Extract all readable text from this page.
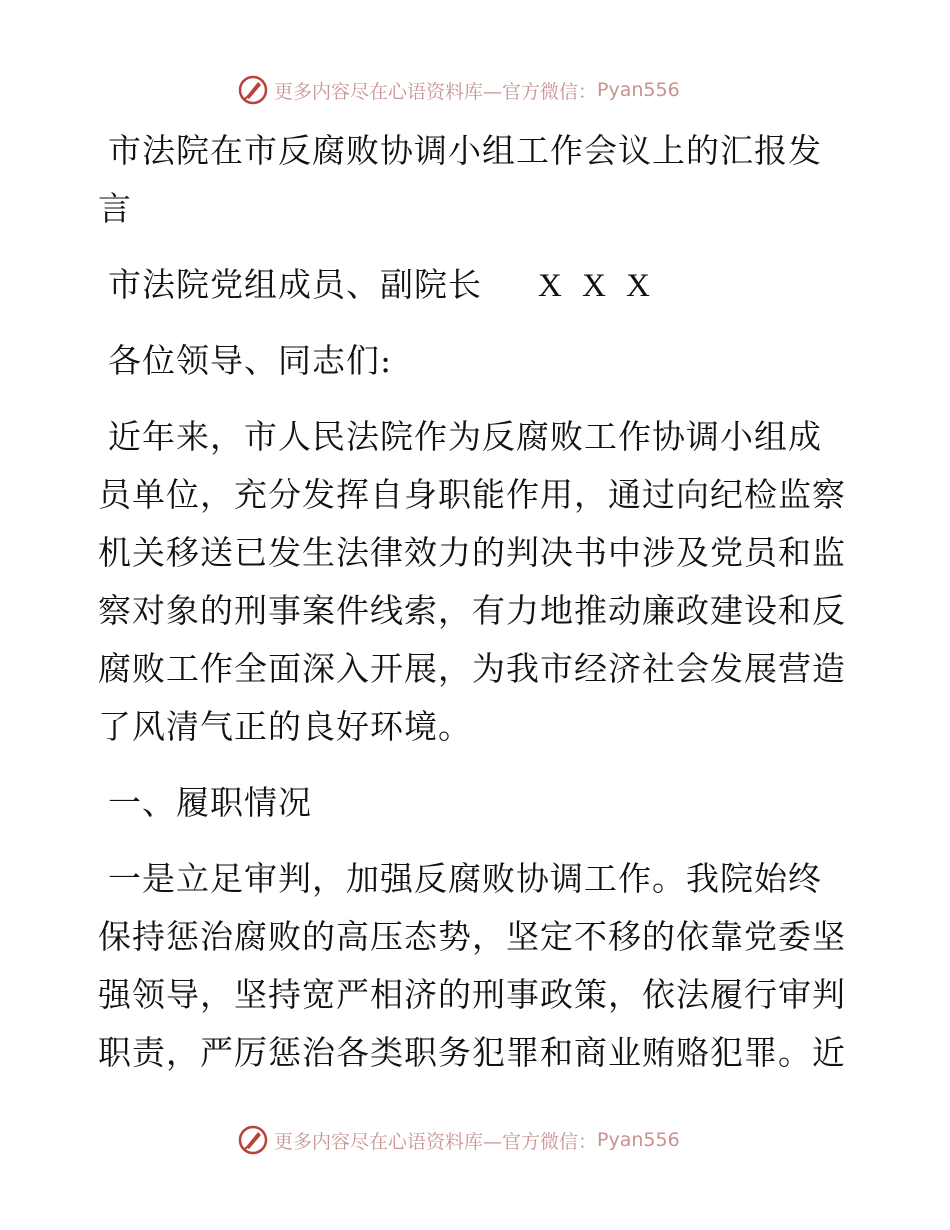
更多内容尽在心语资料库—官方微信： Pyan556
市法院在市反腐败协调小组工作会议上的汇报发
言
市法院党组成员、副院长 X X X
各位领导、同志们:
近年来，市人民法院作为反腐败工作协调小组成
员单位，充分发挥自身职能作用，通过向纪检监察
机关移送已发生法律效力的判决书中涉及党员和监
察对象的刑事案件线索，有力地推动廉政建设和反
腐败工作全面深入开展，为我市经济社会发展营造
了风清气正的良好环境。
一、履职情况
一是立足审判，加强反腐败协调工作。我院始终
保持惩治腐败的高压态势，坚定不移的依靠党委坚
强领导，坚持宽严相济的刑事政策，依法履行审判
职责，严厉惩治各类职务犯罪和商业贿赂犯罪。近
更多内容尽在心语资料库—官方微信： Pyan556
